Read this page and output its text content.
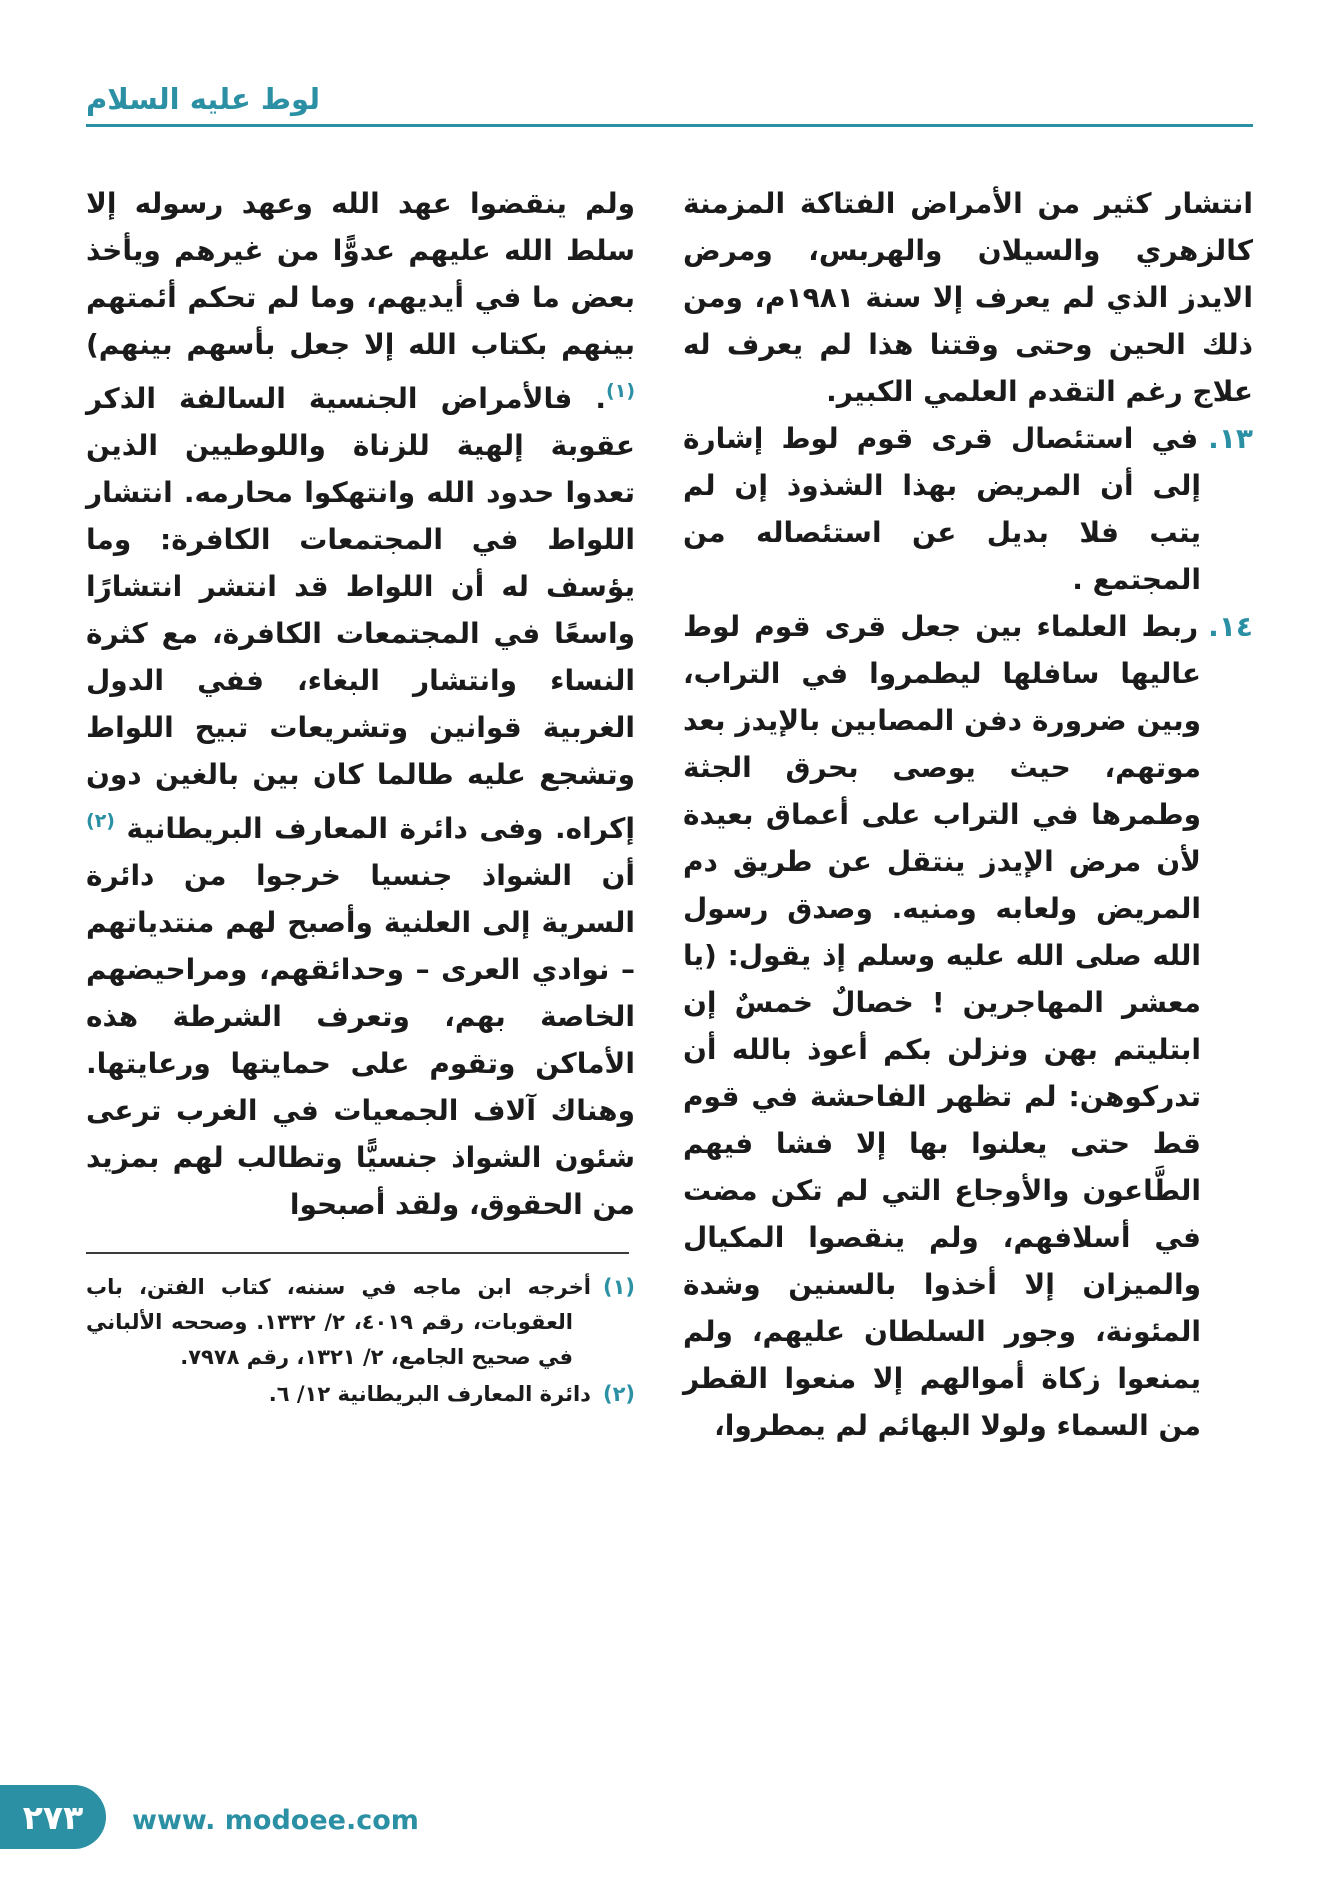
لوط عليه السلام

انتشار كثير من الأمراض الفتاكة المزمنة كالزهري والسيلان والهربس، ومرض الايدز الذي لم يعرف إلا سنة ١٩٨١م، ومن ذلك الحين وحتى وقتنا هذا لم يعرف له علاج رغم التقدم العلمي الكبير.

١٣.في استئصال قرى قوم لوط إشارة إلى أن المريض بهذا الشذوذ إن لم يتب فلا بديل عن استئصاله من المجتمع .

١٤.ربط العلماء بين جعل قرى قوم لوط عاليها سافلها ليطمروا في التراب، وبين ضرورة دفن المصابين بالإيدز بعد موتهم، حيث يوصى بحرق الجثة وطمرها في التراب على أعماق بعيدة لأن مرض الإيدز ينتقل عن طريق دم المريض ولعابه ومنيه. وصدق رسول الله صلى الله عليه وسلم إذ يقول: (يا معشر المهاجرين ! خصالٌ خمسٌ إن ابتليتم بهن ونزلن بكم أعوذ بالله أن تدركوهن: لم تظهر الفاحشة في قوم قط حتى يعلنوا بها إلا فشا فيهم الطَّاعون والأوجاع التي لم تكن مضت في أسلافهم، ولم ينقصوا المكيال والميزان إلا أخذوا بالسنين وشدة المئونة، وجور السلطان عليهم، ولم يمنعوا زكاة أموالهم إلا منعوا القطر من السماء ولولا البهائم لم يمطروا،

ولم ينقضوا عهد الله وعهد رسوله إلا سلط الله عليهم عدوًّا من غيرهم ويأخذ بعض ما في أيديهم، وما لم تحكم أئمتهم بينهم بكتاب الله إلا جعل بأسهم بينهم)$^{(١)}$. فالأمراض الجنسية السالفة الذكر عقوبة إلهية للزناة واللوطيين الذين تعدوا حدود الله وانتهكوا محارمه. انتشار اللواط في المجتمعات الكافرة: وما يؤسف له أن اللواط قد انتشر انتشارًا واسعًا في المجتمعات الكافرة، مع كثرة النساء وانتشار البغاء، ففي الدول الغربية قوانين وتشريعات تبيح اللواط وتشجع عليه طالما كان بين بالغين دون إكراه. وفى دائرة المعارف البريطانية $^{(٢)}$ أن الشواذ جنسيا خرجوا من دائرة السرية إلى العلنية وأصبح لهم منتدياتهم – نوادي العرى – وحدائقهم، ومراحيضهم الخاصة بهم، وتعرف الشرطة هذه الأماكن وتقوم على حمايتها ورعايتها. وهناك آلاف الجمعيات في الغرب ترعى شئون الشواذ جنسيًّا وتطالب لهم بمزيد من الحقوق، ولقد أصبحوا

(١)أخرجه ابن ماجه في سننه، كتاب الفتن، باب العقوبات، رقم ٤٠١٩، ٢/ ١٣٣٢. وصححه الألباني في صحيح الجامع، ٢/ ١٣٢١، رقم ٧٩٧٨.

(٢)دائرة المعارف البريطانية ١٢/ ٦.

٢٧٣ www. modoee.com
